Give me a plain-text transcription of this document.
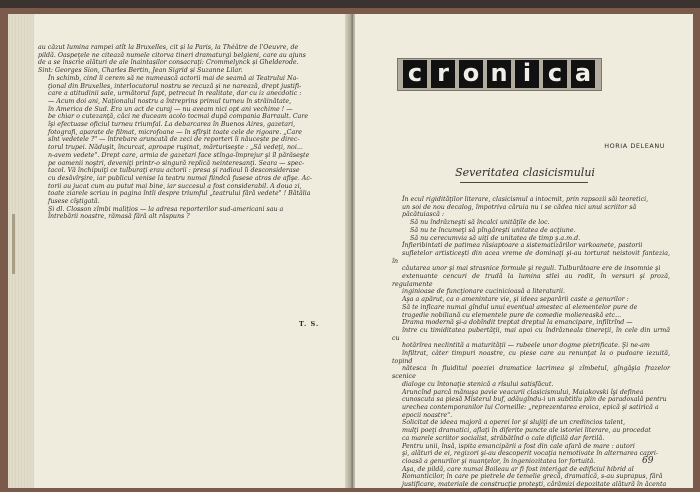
au căzut lumina rampei atît la Bruxelles, cit și la Paris, la Théâtre de l'Oeuvre, de
pildă. Oaspeţele ne citează numele citorva tineri dramaturgi belgieni, care au ajuns
de a se înscrie alături de ale înaintașilor consacraţi: Crommelynck și Ghelderode.
Sint: Georges Sion, Charles Bertin, Jean Sigrid și Suzanne Lilar.

În schimb, cind îi cerem să ne numească actorii mai de seamă ai Teatrului Na-
ţional din Bruxelles, interlocutorul nostru se recuză și ne narează, drept justifi-
care a atitudinii sale, următorul fapt, petrecut în realitate, dar cu iz anecdotic :
— Acum doi ani, Naţionalul nostru a întreprins primul turneu în străinătate,
în America de Sud. Era un act de curaj — nu aveam nici opt ani vechime ! —
be chiar o cutezanţă, căci ne duceam acolo tocmai după compania Barrault. Care
îşi efectuase oficiul turneu triumfal. La debarcarea în Buenos Aires, gazetari,
fotografi, aparate de filmat, microfoane — în sfîrşit toate cele de rigoare. „Care
sînt vedetele ?" — întrebare aruncată de zeci de reporteri îi năucește pe direc-
torul trupei. Năduşit, încurcat, aproape ruşinat, mărturiseşte : „Să vedeţi, noi...
n-avem vedete". Drept care, armia de gazetari face stînga-împrejur şi îl părăseşte
pe oamenii noştri, deveniţi printr-o singură replică neinteresanţi. Seara — spec-
tacol. Vă închipuiţi ce tulburaţi erau actorii : presa şi radioul îi desconsiderase
cu desăvîrşire, iar publicul venise la teatru numai fiindcă fusese atras de afişe. Ac-
torii au jucat cum au putut mai bine, iar succesul a fost considerabil. A doua zi,
toate ziarele scriau in pagina întîi despre triumful „teatrului fără vedete" ! Bătălia
fusese cîştigată.

Şi dl. Closson zîmbi malițios — la adresa reporterilor sud-americani sau a
întrebării noastre, rămasă fără alt răspuns ?

T. S.
c r o n i c a
HORIA DELEANU
Severitatea clasicismului

În ecul rigidităţilor literare, clasicismul a intocmit, prin rapsozii săi teoretici,
un soi de nou decalog, împotriva căruia nu i se cădea nici unui scriitor să
păcătuiască :

Să nu îndrăzneşti să încalci unităţile de loc.
Să nu te încumeţi să pîngăreşti unitatea de acţiune.
Să nu cerecumvia să uiţi de unitatea de timp ş.a.m.d.

Înfieribintati de patimea răsiaptoare a sistematizărilor varkoanete, pastorii
sufletelor artisticeşti din acea vreme de dominaţi şi-au torturat neistovit fantezia, în
căutarea unor şi mai strasnice formule şi reguli. Tulburătoare ere de insomnie şi
extenuante cencuri de trudă la lumina stlei au rodit, în versuri şi proză, regulamente
inginioase de funcţionare cucinicioasă a literaturii.

Aşa a apărut, ca o amenintare vie, şi ideea separării caste a genurilor :
Să te inflcare numai gîndul unui eventual amestec al elementelor pure de
tragedie nobiliană cu elementele pure de comedie moliereaskă etc...

Drama modernă şi-a dobîndit treptat dreptul la emancipare, infiltrînd —
între cu timiditatea pubertăţii, mai apoi cu îndrăzneala tinereţii, în cele din urmă cu
hotărîrea neclintită a maturităţii — rubeele unor dogme pietrificate. Şi ne-am
înfiltrat, câter timpuri noastre, cu piese care au renunţat la o pudoare iezuită, topind
nătesca în fluiditul poeziei dramatice lacrimea şi zîmbetul, gîngăşia frazelor scenice
dialoge cu întonaţie stenică a rîsului satisfăcut.

Aruncînd parcă mănuşa pavie veacurii clasicismului, Maiakovski îşi definea
cunoscuta sa piesă Misterul buf, adăugîndu-i un subtitlu plin de paradoxală pentru
urechea contemporanilor lui Corneille: „reprezentarea eroica, epică şi satirică a
epocii noastre".

Solicitat de ideea majoră a operei lor şi slujiţi de un credincios talent,
mulţi poeţi dramatici, aflaţi în diferite puncte ale istoriei literare, au procedat
ca marele scriitor socialist, străbătînd o cale dificilă dar fertilă.

Pentru unii, însă, ispita emancipării a fost din cale afară de mare : autori
şi, alături de ei, regizori şi-au descoperit vocaţia nemotivate în alternarea capri-
cioasă a genurilor şi nuanţelor, în ingeniozitatea lor fortuită.

Aşa, de pildă, care numai Boileau ar fi fost interigat de edificiul hibrid al
Romanticilor, în care pe pietrele de temelie grecă, dramatică, s-au suprapus, fără
justificare, materiale de construcţie proteşti, cărămizi depozitate alătură în ăcenta

69
